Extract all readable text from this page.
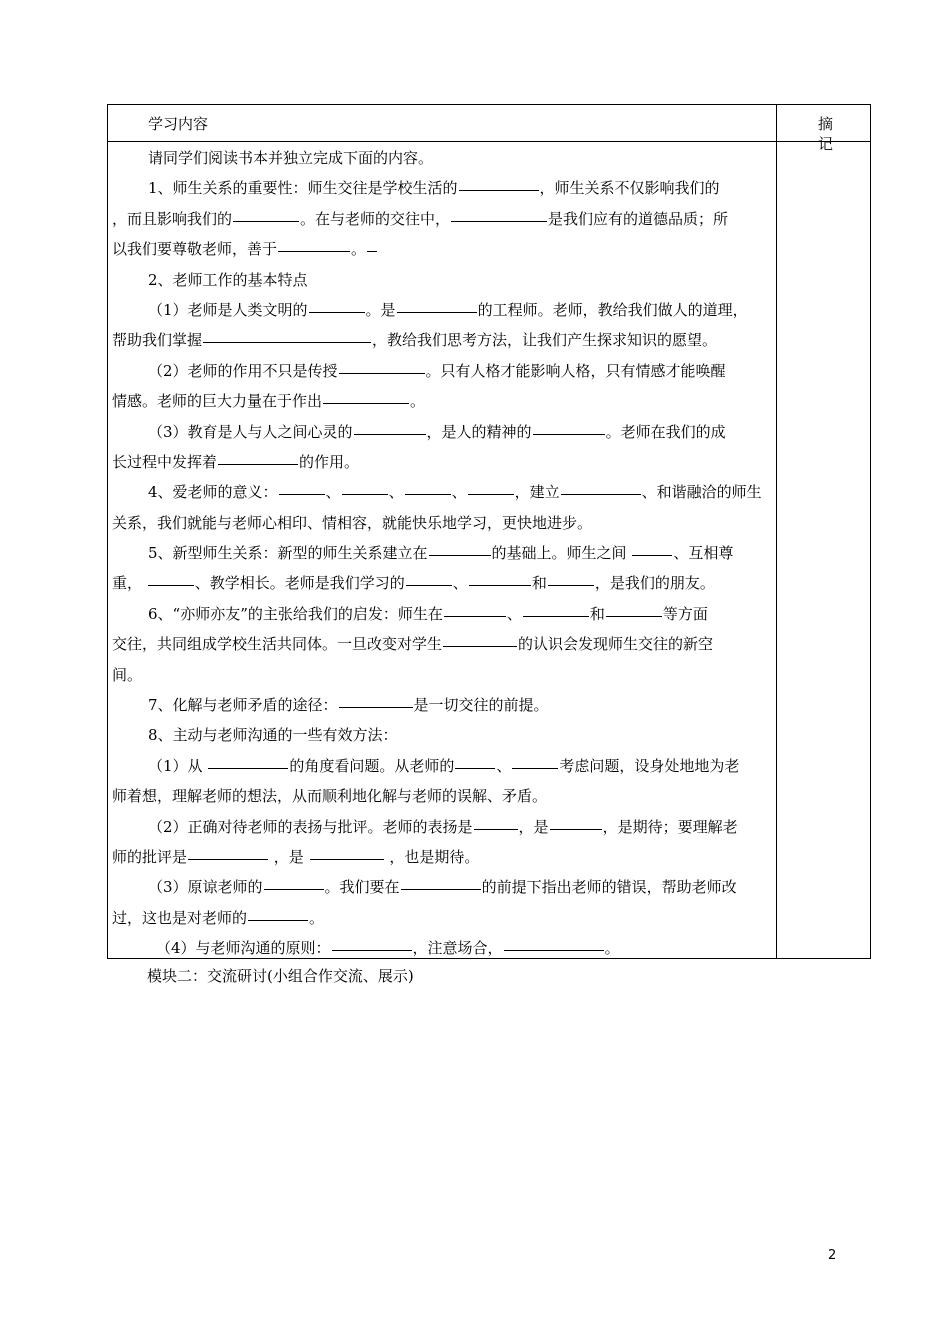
学习内容	摘 记
请同学们阅读书本并独立完成下面的内容。
1、师生关系的重要性：师生交往是学校生活的	，师生关系不仅影响我们的
，而且影响我们的	。在与老师的交往中，	是我们应有的道德品质；所
以我们要尊敬老师，善于	。
2、老师工作的基本特点
（1）老师是人类文明的	。是	的工程师。老师，教给我们做人的道理，
帮助我们掌握	，教给我们思考方法，让我们产生探求知识的愿望。
（2）老师的作用不只是传授	。只有人格才能影响人格，只有情感才能唤醒
情感。老师的巨大力量在于作出	。
（3）教育是人与人之间心灵的	，是人的精神的	。老师在我们的成
长过程中发挥着	的作用。
4、爱老师的意义：	、	、	、	，建立	、和谐融洽的师生
关系，我们就能与老师心相印、情相容，就能快乐地学习，更快地进步。
5、新型师生关系：新型的师生关系建立在	的基础上。师生之间	、互相尊
重，	、教学相长。老师是我们学习的	、	和	，是我们的朋友。
6、“亦师亦友”的主张给我们的启发：师生在	、	和	等方面
交往，共同组成学校生活共同体。一旦改变对学生	的认识会发现师生交往的新空
间。
7、化解与老师矛盾的途径：	是一切交往的前提。
8、主动与老师沟通的一些有效方法：
（1）从	的角度看问题。从老师的	、	考虑问题，设身处地地为老
师着想，理解老师的想法，从而顺利地化解与老师的误解、矛盾。
（2）正确对待老师的表扬与批评。老师的表扬是	，是	，是期待；要理解老
师的批评是	，是	，也是期待。
（3）原谅老师的	。我们要在	的前提下指出老师的错误，帮助老师改
过，这也是对老师的	。
（4）与老师沟通的原则：	，注意场合，	。
模块二：交流研讨(小组合作交流、展示)
2
